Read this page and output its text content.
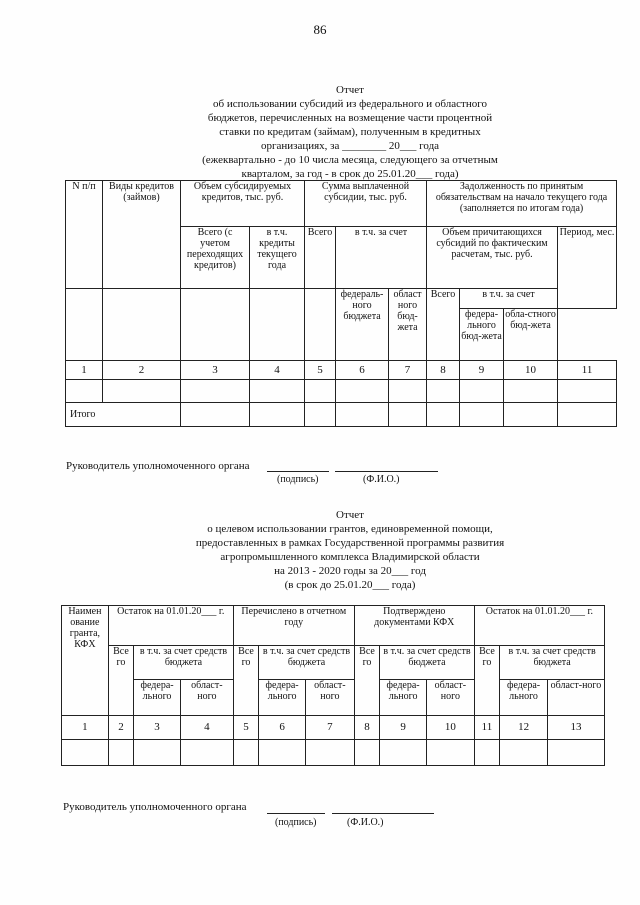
86
Отчет
об использовании субсидий из федерального и областного
бюджетов, перечисленных на возмещение части процентной
ставки по кредитам (займам), полученным в кредитных
организациях, за ________ 20___ года
(ежеквартально - до 10 числа месяца, следующего за отчетным
кварталом, за год - в срок до 25.01.20___ года)
N п/п	Виды кредитов (займов)	Объем субсидируемых кредитов, тыс. руб.		Сумма выплаченной субсидии, тыс. руб.			Задолженность по принятым обязательствам на начало текущего года (заполняется по итогам года)			
		Всего (с учетом переходящих кредитов)	в т.ч. кредиты текущего года	Всего	в т.ч. за счет		Объем причитающихся субсидий по фактическим расчетам, тыс. руб.			Период, мес.

					федераль-ного бюджета	област ного бюд-жета	Всего	в т.ч. за счет		
								федера-льного бюд-жета	обла-стного бюд-жета	
1	2	3	4	5	6	7	8	9	10	11

Итого										
Руководитель уполномоченного органа
(подпись)	(Ф.И.О.)
Отчет
о целевом использовании грантов, единовременной помощи,
предоставленных в рамках Государственной программы развития
агропромышленного комплекса Владимирской области
на 2013 - 2020 годы за 20___ год
(в срок до 25.01.20___ года)
Наимен ование гранта, КФХ	Остаток на 01.01.20___ г.			Перечислено в отчетном году			Подтверждено документами КФХ			Остаток на 01.01.20___ г.		
	Все го	в т.ч. за счет средств бюджета		Все го	в т.ч. за счет средств бюджета		Все го	в т.ч. за счет средств бюджета		Все го	в т.ч. за счет средств бюджета	
		федера-льного	област-ного		федера-льного	област-ного		федера-льного	област-ного		федера-льного	област-ного
1	2	3	4	5	6	7	8	9	10	11	12	13

Руководитель уполномоченного органа
(подпись)	(Ф.И.О.)
